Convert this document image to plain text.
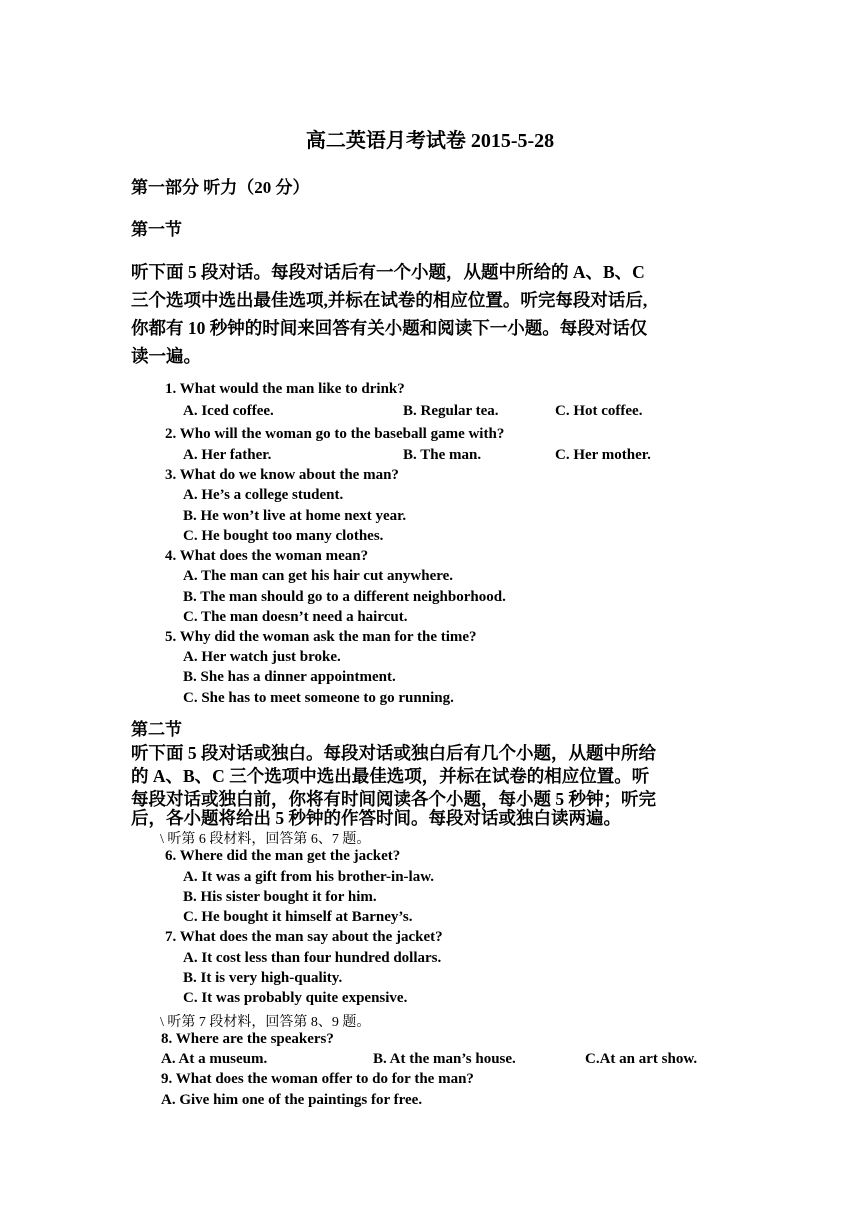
高二英语月考试卷 2015-5-28
第一部分 听力（20 分）
第一节
听下面 5 段对话。每段对话后有一个小题，从题中所给的 A、B、C
三个选项中选出最佳选项,并标在试卷的相应位置。听完每段对话后,
你都有 10 秒钟的时间来回答有关小题和阅读下一小题。每段对话仅
读一遍。
1. What would the man like to drink?
A. Iced coffee.	B. Regular tea.	C. Hot coffee.
2. Who will the woman go to the baseball game with?
A. Her father.	B. The man.	C. Her mother.
3. What do we know about the man?
A. He’s a college student.
B. He won’t live at home next year.
C. He bought too many clothes.
4. What does the woman mean?
A. The man can get his hair cut anywhere.
B. The man should go to a different neighborhood.
C. The man doesn’t need a haircut.
5. Why did the woman ask the man for the time?
A. Her watch just broke.
B. She has a dinner appointment.
C. She has to meet someone to go running.
第二节
听下面 5 段对话或独白。每段对话或独白后有几个小题，从题中所给
的 A、B、C 三个选项中选出最佳选项，并标在试卷的相应位置。听
每段对话或独白前，你将有时间阅读各个小题，每小题 5 秒钟；听完
后，各小题将给出 5 秒钟的作答时间。每段对话或独白读两遍。
\ 听第 6 段材料，回答第 6、7 题。
6. Where did the man get the jacket?
A. It was a gift from his brother-in-law.
B. His sister bought it for him.
C. He bought it himself at Barney’s.
7. What does the man say about the jacket?
A. It cost less than four hundred dollars.
B. It is very high-quality.
C. It was probably quite expensive.
\ 听第 7 段材料，回答第 8、9 题。
8. Where are the speakers?
A. At a museum.	B. At the man’s house.	C.At an art show.
9. What does the woman offer to do for the man?
A. Give him one of the paintings for free.
